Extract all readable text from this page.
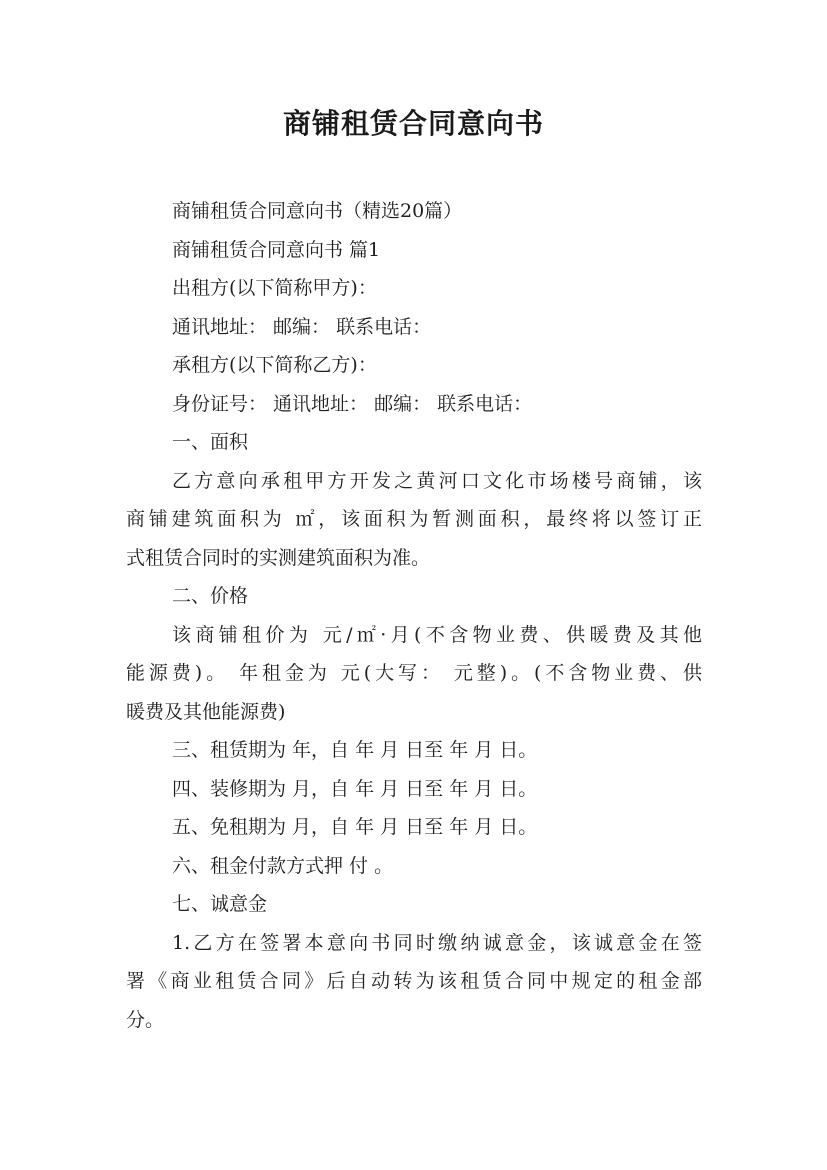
商铺租赁合同意向书
商铺租赁合同意向书（精选20篇）
商铺租赁合同意向书 篇1
出租方(以下简称甲方)：
通讯地址： 邮编： 联系电话：
承租方(以下简称乙方)：
身份证号： 通讯地址： 邮编： 联系电话：
一、面积
乙方意向承租甲方开发之黄河口文化市场楼号商铺，该
商铺建筑面积为 ㎡，该面积为暂测面积，最终将以签订正
式租赁合同时的实测建筑面积为准。
二、价格
该商铺租价为 元/㎡·月(不含物业费、供暖费及其他
能源费)。 年租金为 元(大写： 元整)。(不含物业费、供
暖费及其他能源费)
三、租赁期为 年，自 年 月 日至 年 月 日。
四、装修期为 月，自 年 月 日至 年 月 日。
五、免租期为 月，自 年 月 日至 年 月 日。
六、租金付款方式押 付 。
七、诚意金
1.乙方在签署本意向书同时缴纳诚意金，该诚意金在签
署《商业租赁合同》后自动转为该租赁合同中规定的租金部
分。
